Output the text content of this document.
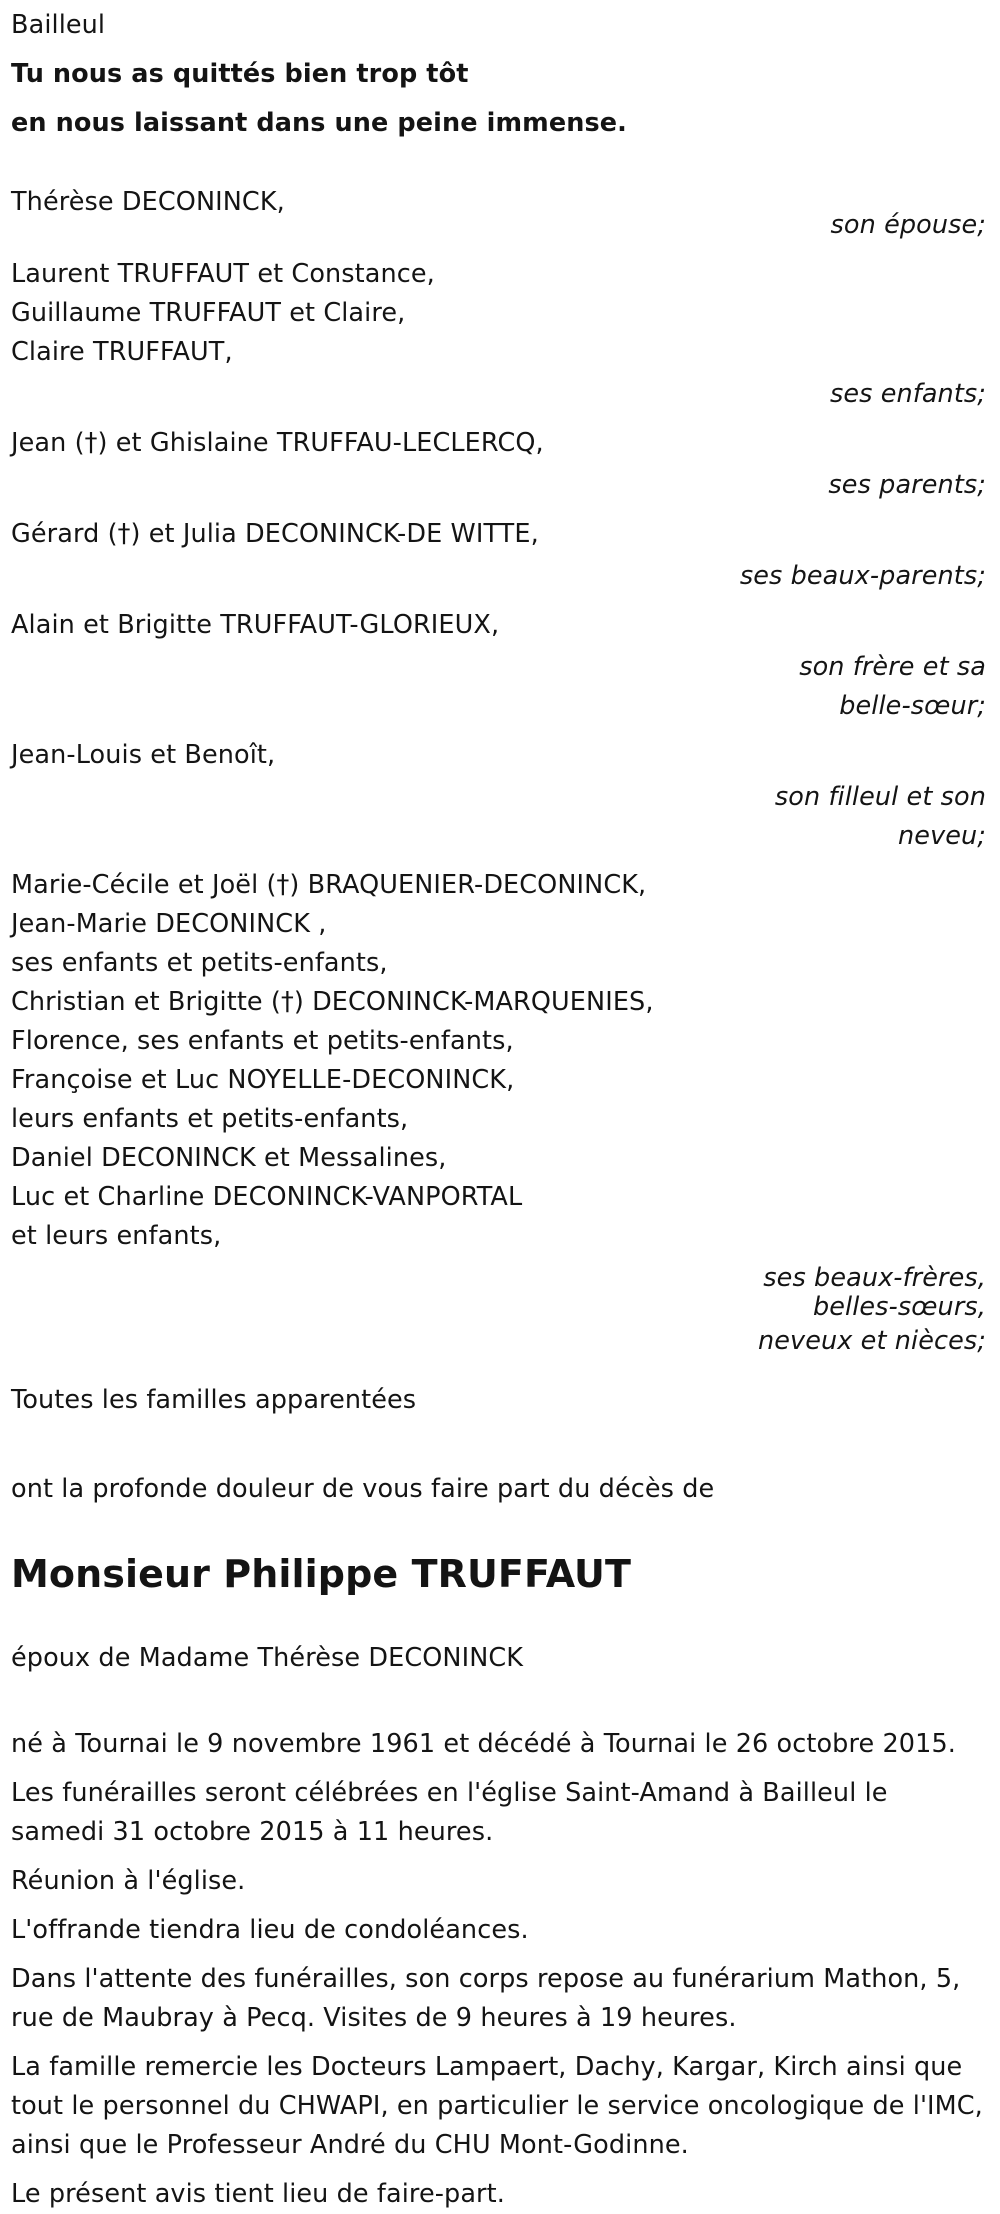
Bailleul
Tu nous as quittés bien trop tôt
en nous laissant dans une peine immense.
Thérèse DECONINCK,
son épouse;
Laurent TRUFFAUT et Constance,
Guillaume TRUFFAUT et Claire,
Claire TRUFFAUT,
ses enfants;
Jean (†) et Ghislaine TRUFFAU-LECLERCQ,
ses parents;
Gérard (†) et Julia DECONINCK-DE WITTE,
ses beaux-parents;
Alain et Brigitte TRUFFAUT-GLORIEUX,
son frère et sa
belle-sœur;
Jean-Louis et Benoît,
son filleul et son
neveu;
Marie-Cécile et Joël (†) BRAQUENIER-DECONINCK,
Jean-Marie DECONINCK ,
ses enfants et petits-enfants,
Christian et Brigitte (†) DECONINCK-MARQUENIES,
Florence, ses enfants et petits-enfants,
Françoise et Luc NOYELLE-DECONINCK,
leurs enfants et petits-enfants,
Daniel DECONINCK et Messalines,
Luc et Charline DECONINCK-VANPORTAL
et leurs enfants,
ses beaux-frères,
belles-sœurs,
neveux et nièces;
Toutes les familles apparentées
ont la profonde douleur de vous faire part du décès de
Monsieur Philippe TRUFFAUT
époux de Madame Thérèse DECONINCK
né à Tournai le 9 novembre 1961 et décédé à Tournai le 26 octobre 2015.
Les funérailles seront célébrées en l'église Saint-Amand à Bailleul le samedi 31 octobre 2015 à 11 heures.
Réunion à l'église.
L'offrande tiendra lieu de condoléances.
Dans l'attente des funérailles, son corps repose au funérarium Mathon, 5, rue de Maubray à Pecq. Visites de 9 heures à 19 heures.
La famille remercie les Docteurs Lampaert, Dachy, Kargar, Kirch ainsi que tout le personnel du CHWAPI, en particulier le service oncologique de l'IMC, ainsi que le Professeur André du CHU Mont-Godinne.
Le présent avis tient lieu de faire-part.
